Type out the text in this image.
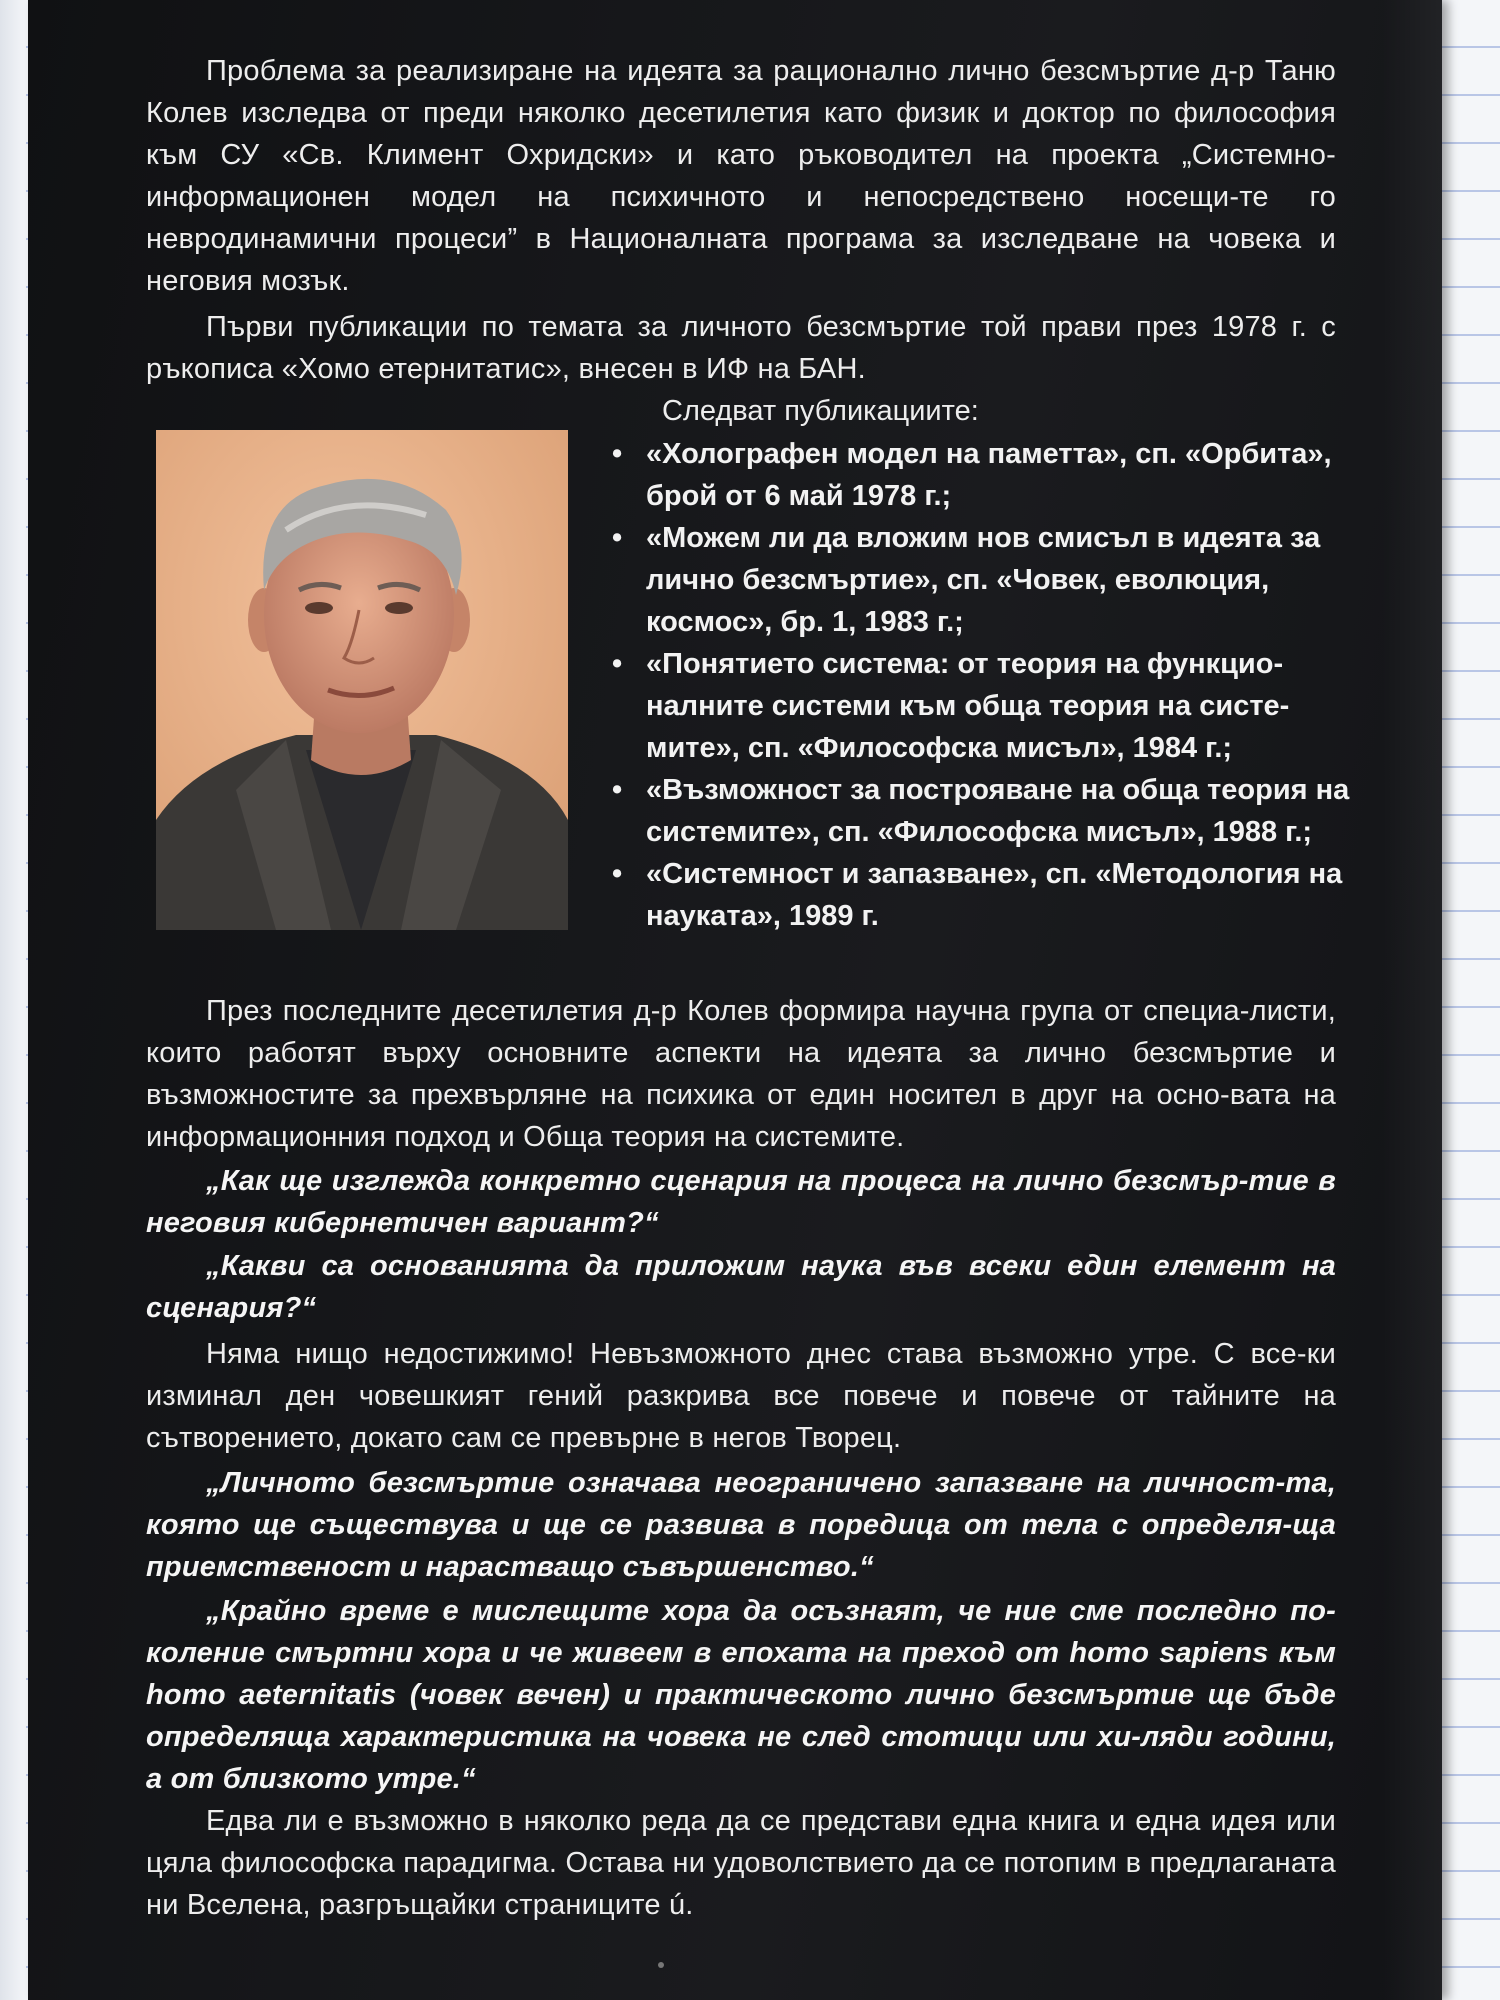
Проблема за реализиране на идеята за рационално лично безсмъртие д-р Таню Колев изследва от преди няколко десетилетия като физик и доктор по философия към СУ «Св. Климент Охридски» и като ръководител на проекта „Системно-информационен модел на психичното и непосредствено носещи-те го невродинамични процеси” в Националната програма за изследване на човека и неговия мозък.
Първи публикации по темата за личното безсмъртие той прави през 1978 г. с ръкописа «Хомо етернитатис», внесен в ИФ на БАН.
Следват публикациите:
• «Холографен модел на паметта», сп. «Орбита», брой от 6 май 1978 г.;
• «Можем ли да вложим нов смисъл в идеята за лично безсмъртие», сп. «Човек, еволюция, космос», бр. 1, 1983 г.;
• «Понятието система: от теория на функцио-налните системи към обща теория на систе-мите», сп. «Философска мисъл», 1984 г.;
• «Възможност за построяване на обща теория на системите», сп. «Философска мисъл», 1988 г.;
• «Системност и запазване», сп. «Методология на науката», 1989 г.
През последните десетилетия д-р Колев формира научна група от специа-листи, които работят върху основните аспекти на идеята за лично безсмъртие и възможностите за прехвърляне на психика от един носител в друг на осно-вата на информационния подход и Обща теория на системите.
„Как ще изглежда конкретно сценария на процеса на лично безсмър-тие в неговия кибернетичен вариант?“
„Какви са основанията да приложим наука във всеки един елемент на сценария?“
Няма нищо недостижимо! Невъзможното днес става възможно утре. С все-ки изминал ден човешкият гений разкрива все повече и повече от тайните на сътворението, докато сам се превърне в негов Творец.
„Личното безсмъртие означава неограничено запазване на личност-та, която ще съществува и ще се развива в поредица от тела с определя-ща приемственост и нарастващо съвършенство.“
„Крайно време е мислещите хора да осъзнаят, че ние сме последно по-коление смъртни хора и че живеем в епохата на преход от homo sapiens към homo aeternitatis (човек вечен) и практическото лично безсмъртие ще бъде определяща характеристика на човека не след стотици или хи-ляди години, а от близкото утре.“
Едва ли е възможно в няколко реда да се представи една книга и една идея или цяла философска парадигма. Остава ни удоволствието да се потопим в предлаганата ни Вселена, разгръщайки страниците ú.
